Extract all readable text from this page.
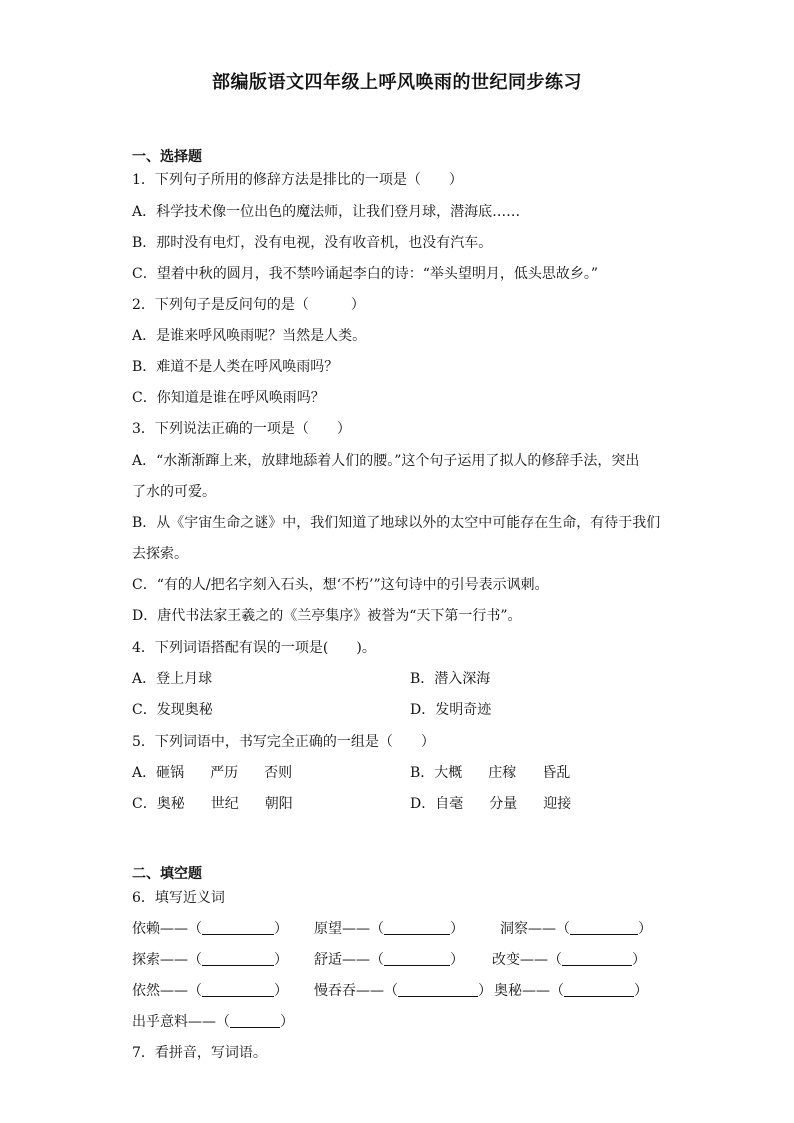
部编版语文四年级上呼风唤雨的世纪同步练习
一、选择题
1．下列句子所用的修辞方法是排比的一项是（　　）
A．科学技术像一位出色的魔法师，让我们登月球，潜海底……
B．那时没有电灯，没有电视，没有收音机，也没有汽车。
C．望着中秋的圆月，我不禁吟诵起李白的诗：“举头望明月，低头思故乡。”
2．下列句子是反问句的是（　　　）
A．是谁来呼风唤雨呢？当然是人类。
B．难道不是人类在呼风唤雨吗？
C．你知道是谁在呼风唤雨吗？
3．下列说法正确的一项是（　　）
A．“水渐渐蹿上来，放肆地舔着人们的腰。”这个句子运用了拟人的修辞手法，突出
了水的可爱。
B．从《宇宙生命之谜》中，我们知道了地球以外的太空中可能存在生命，有待于我们
去探索。
C．“有的人/把名字刻入石头，想‘不朽’”这句诗中的引号表示讽刺。
D．唐代书法家王羲之的《兰亭集序》被誉为“天下第一行书”。
4．下列词语搭配有误的一项是(　　)。
A．登上月球	B．潜入深海
C．发现奥秘	D．发明奇迹
5．下列词语中，书写完全正确的一组是（　　）
A．砸锅 严历 否则	B．大概 庄稼 昏乱
C．奥秘 世纪 朝阳	D．自毫 分量 迎接
二、填空题
6．填写近义词
依赖——（	） 原望——（	）	洞察——（	）
探索——（	） 舒适——（	） 改变——（	）
依然——（	） 慢吞吞——（	） 奥秘——（	）
出乎意料——（	）
7．看拼音，写词语。
